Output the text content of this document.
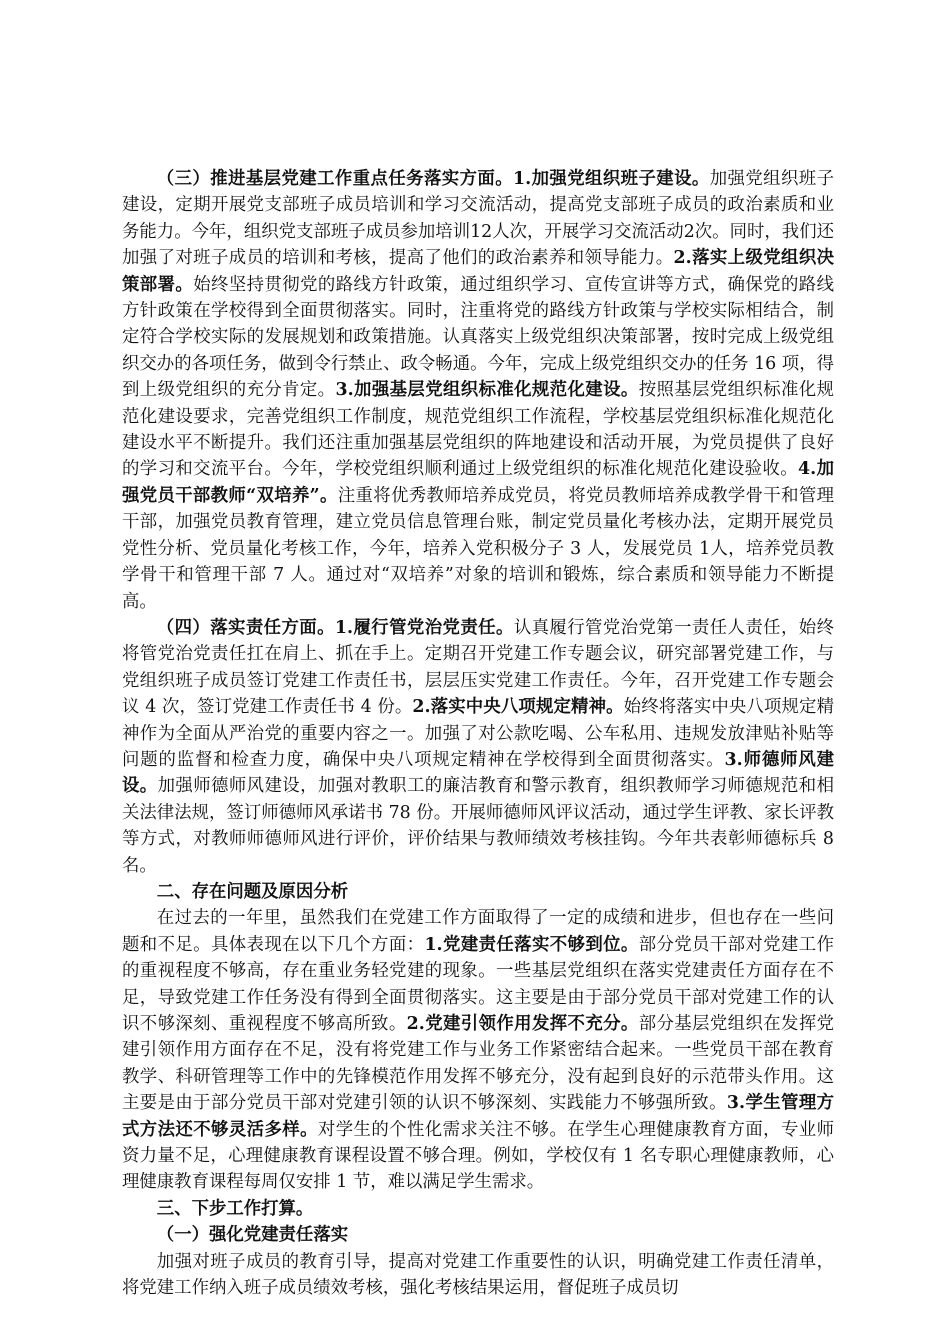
（三）推进基层党建工作重点任务落实方面。1.加强党组织班子建设。加强党组织班子建设，定期开展党支部班子成员培训和学习交流活动，提高党支部班子成员的政治素质和业务能力。今年，组织党支部班子成员参加培训12人次，开展学习交流活动2次。同时，我们还加强了对班子成员的培训和考核，提高了他们的政治素养和领导能力。2.落实上级党组织决策部署。始终坚持贯彻党的路线方针政策，通过组织学习、宣传宣讲等方式，确保党的路线方针政策在学校得到全面贯彻落实。同时，注重将党的路线方针政策与学校实际相结合，制定符合学校实际的发展规划和政策措施。认真落实上级党组织决策部署，按时完成上级党组织交办的各项任务，做到令行禁止、政令畅通。今年，完成上级党组织交办的任务 16 项，得到上级党组织的充分肯定。3.加强基层党组织标准化规范化建设。按照基层党组织标准化规范化建设要求，完善党组织工作制度，规范党组织工作流程，学校基层党组织标准化规范化建设水平不断提升。我们还注重加强基层党组织的阵地建设和活动开展，为党员提供了良好的学习和交流平台。今年，学校党组织顺利通过上级党组织的标准化规范化建设验收。4.加强党员干部教师“双培养”。注重将优秀教师培养成党员，将党员教师培养成教学骨干和管理干部，加强党员教育管理，建立党员信息管理台账，制定党员量化考核办法，定期开展党员党性分析、党员量化考核工作，今年，培养入党积极分子 3 人，发展党员 1人，培养党员教学骨干和管理干部 7 人。通过对“双培养”对象的培训和锻炼，综合素质和领导能力不断提高。

（四）落实责任方面。1.履行管党治党责任。认真履行管党治党第一责任人责任，始终将管党治党责任扛在肩上、抓在手上。定期召开党建工作专题会议，研究部署党建工作，与党组织班子成员签订党建工作责任书，层层压实党建工作责任。今年，召开党建工作专题会议 4 次，签订党建工作责任书 4 份。2.落实中央八项规定精神。始终将落实中央八项规定精神作为全面从严治党的重要内容之一。加强了对公款吃喝、公车私用、违规发放津贴补贴等问题的监督和检查力度，确保中央八项规定精神在学校得到全面贯彻落实。3.师德师风建设。加强师德师风建设，加强对教职工的廉洁教育和警示教育，组织教师学习师德规范和相关法律法规，签订师德师风承诺书 78 份。开展师德师风评议活动，通过学生评教、家长评教等方式，对教师师德师风进行评价，评价结果与教师绩效考核挂钩。今年共表彰师德标兵 8 名。

二、存在问题及原因分析

在过去的一年里，虽然我们在党建工作方面取得了一定的成绩和进步，但也存在一些问题和不足。具体表现在以下几个方面：1.党建责任落实不够到位。部分党员干部对党建工作的重视程度不够高，存在重业务轻党建的现象。一些基层党组织在落实党建责任方面存在不足，导致党建工作任务没有得到全面贯彻落实。这主要是由于部分党员干部对党建工作的认识不够深刻、重视程度不够高所致。2.党建引领作用发挥不充分。部分基层党组织在发挥党建引领作用方面存在不足，没有将党建工作与业务工作紧密结合起来。一些党员干部在教育教学、科研管理等工作中的先锋模范作用发挥不够充分，没有起到良好的示范带头作用。这主要是由于部分党员干部对党建引领的认识不够深刻、实践能力不够强所致。3.学生管理方式方法还不够灵活多样。对学生的个性化需求关注不够。在学生心理健康教育方面，专业师资力量不足，心理健康教育课程设置不够合理。例如，学校仅有 1 名专职心理健康教师，心理健康教育课程每周仅安排 1 节，难以满足学生需求。

三、下步工作打算。

（一）强化党建责任落实

加强对班子成员的教育引导，提高对党建工作重要性的认识，明确党建工作责任清单，将党建工作纳入班子成员绩效考核，强化考核结果运用，督促班子成员切
